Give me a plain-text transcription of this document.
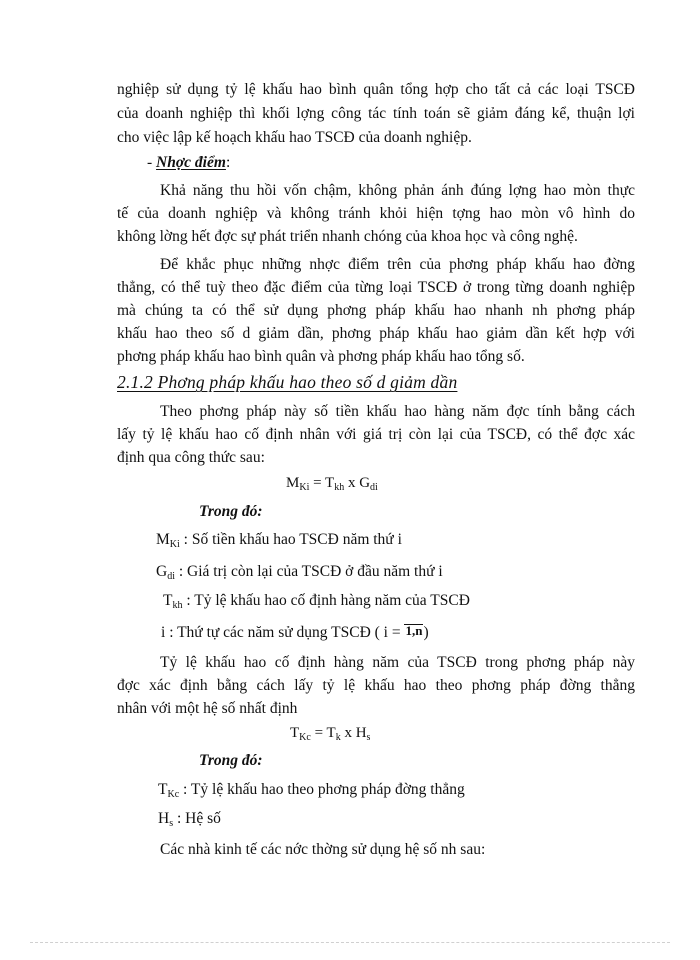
nghiệp sử dụng tỷ lệ khấu hao bình quân tổng hợp cho tất cả các loại TSCĐ
của doanh nghiệp thì khối lợng công tác tính toán sẽ giảm đáng kể, thuận lợi
cho việc lập kế hoạch khấu hao TSCĐ của doanh nghiệp.
- Nhợc điểm:
Khả năng thu hồi vốn chậm, không phản ánh đúng lợng hao mòn thực
tế của doanh nghiệp và không tránh khỏi hiện tợng hao mòn vô hình do
không lờng hết đợc sự phát triển nhanh chóng của khoa học và công nghệ.
Để khắc phục những nhợc điểm trên của phơng pháp khấu hao đờng
thẳng, có thể tuỳ theo đặc điểm của từng loại TSCĐ ở trong từng doanh nghiệp
mà chúng ta có thể sử dụng phơng pháp khấu hao nhanh nh phơng pháp
khấu hao theo số d giảm dần, phơng pháp khấu hao giảm dần kết hợp với
phơng pháp khấu hao bình quân và phơng pháp khấu hao tổng số.
2.1.2 Phơng pháp khấu hao theo số d giảm dần
Theo phơng pháp này số tiền khấu hao hàng năm đợc tính bằng cách
lấy tỷ lệ khấu hao cố định nhân với giá trị còn lại của TSCĐ, có thể đợc xác
định qua công thức sau:
$M_{Ki} = T_{kh}$ x $G_{di}$
Trong đó:
$M_{Ki}$ : Số tiền khấu hao TSCĐ năm thứ i
$G_{di}$ : Giá trị còn lại của TSCĐ ở đầu năm thứ i
$T_{kh}$ : Tỷ lệ khấu hao cố định hàng năm của TSCĐ
i : Thứ tự các năm sử dụng TSCĐ ( i = 1,n)
Tỷ lệ khấu hao cố định hàng năm của TSCĐ trong phơng pháp này
đợc xác định bằng cách lấy tỷ lệ khấu hao theo phơng pháp đờng thẳng
nhân với một hệ số nhất định
$T_{Kc} = T_k$ x $H_s$
Trong đó:
$T_{Kc}$ : Tỷ lệ khấu hao theo phơng pháp đờng thẳng
$H_s$ : Hệ số
Các nhà kinh tế các nớc thờng sử dụng hệ số nh sau:
